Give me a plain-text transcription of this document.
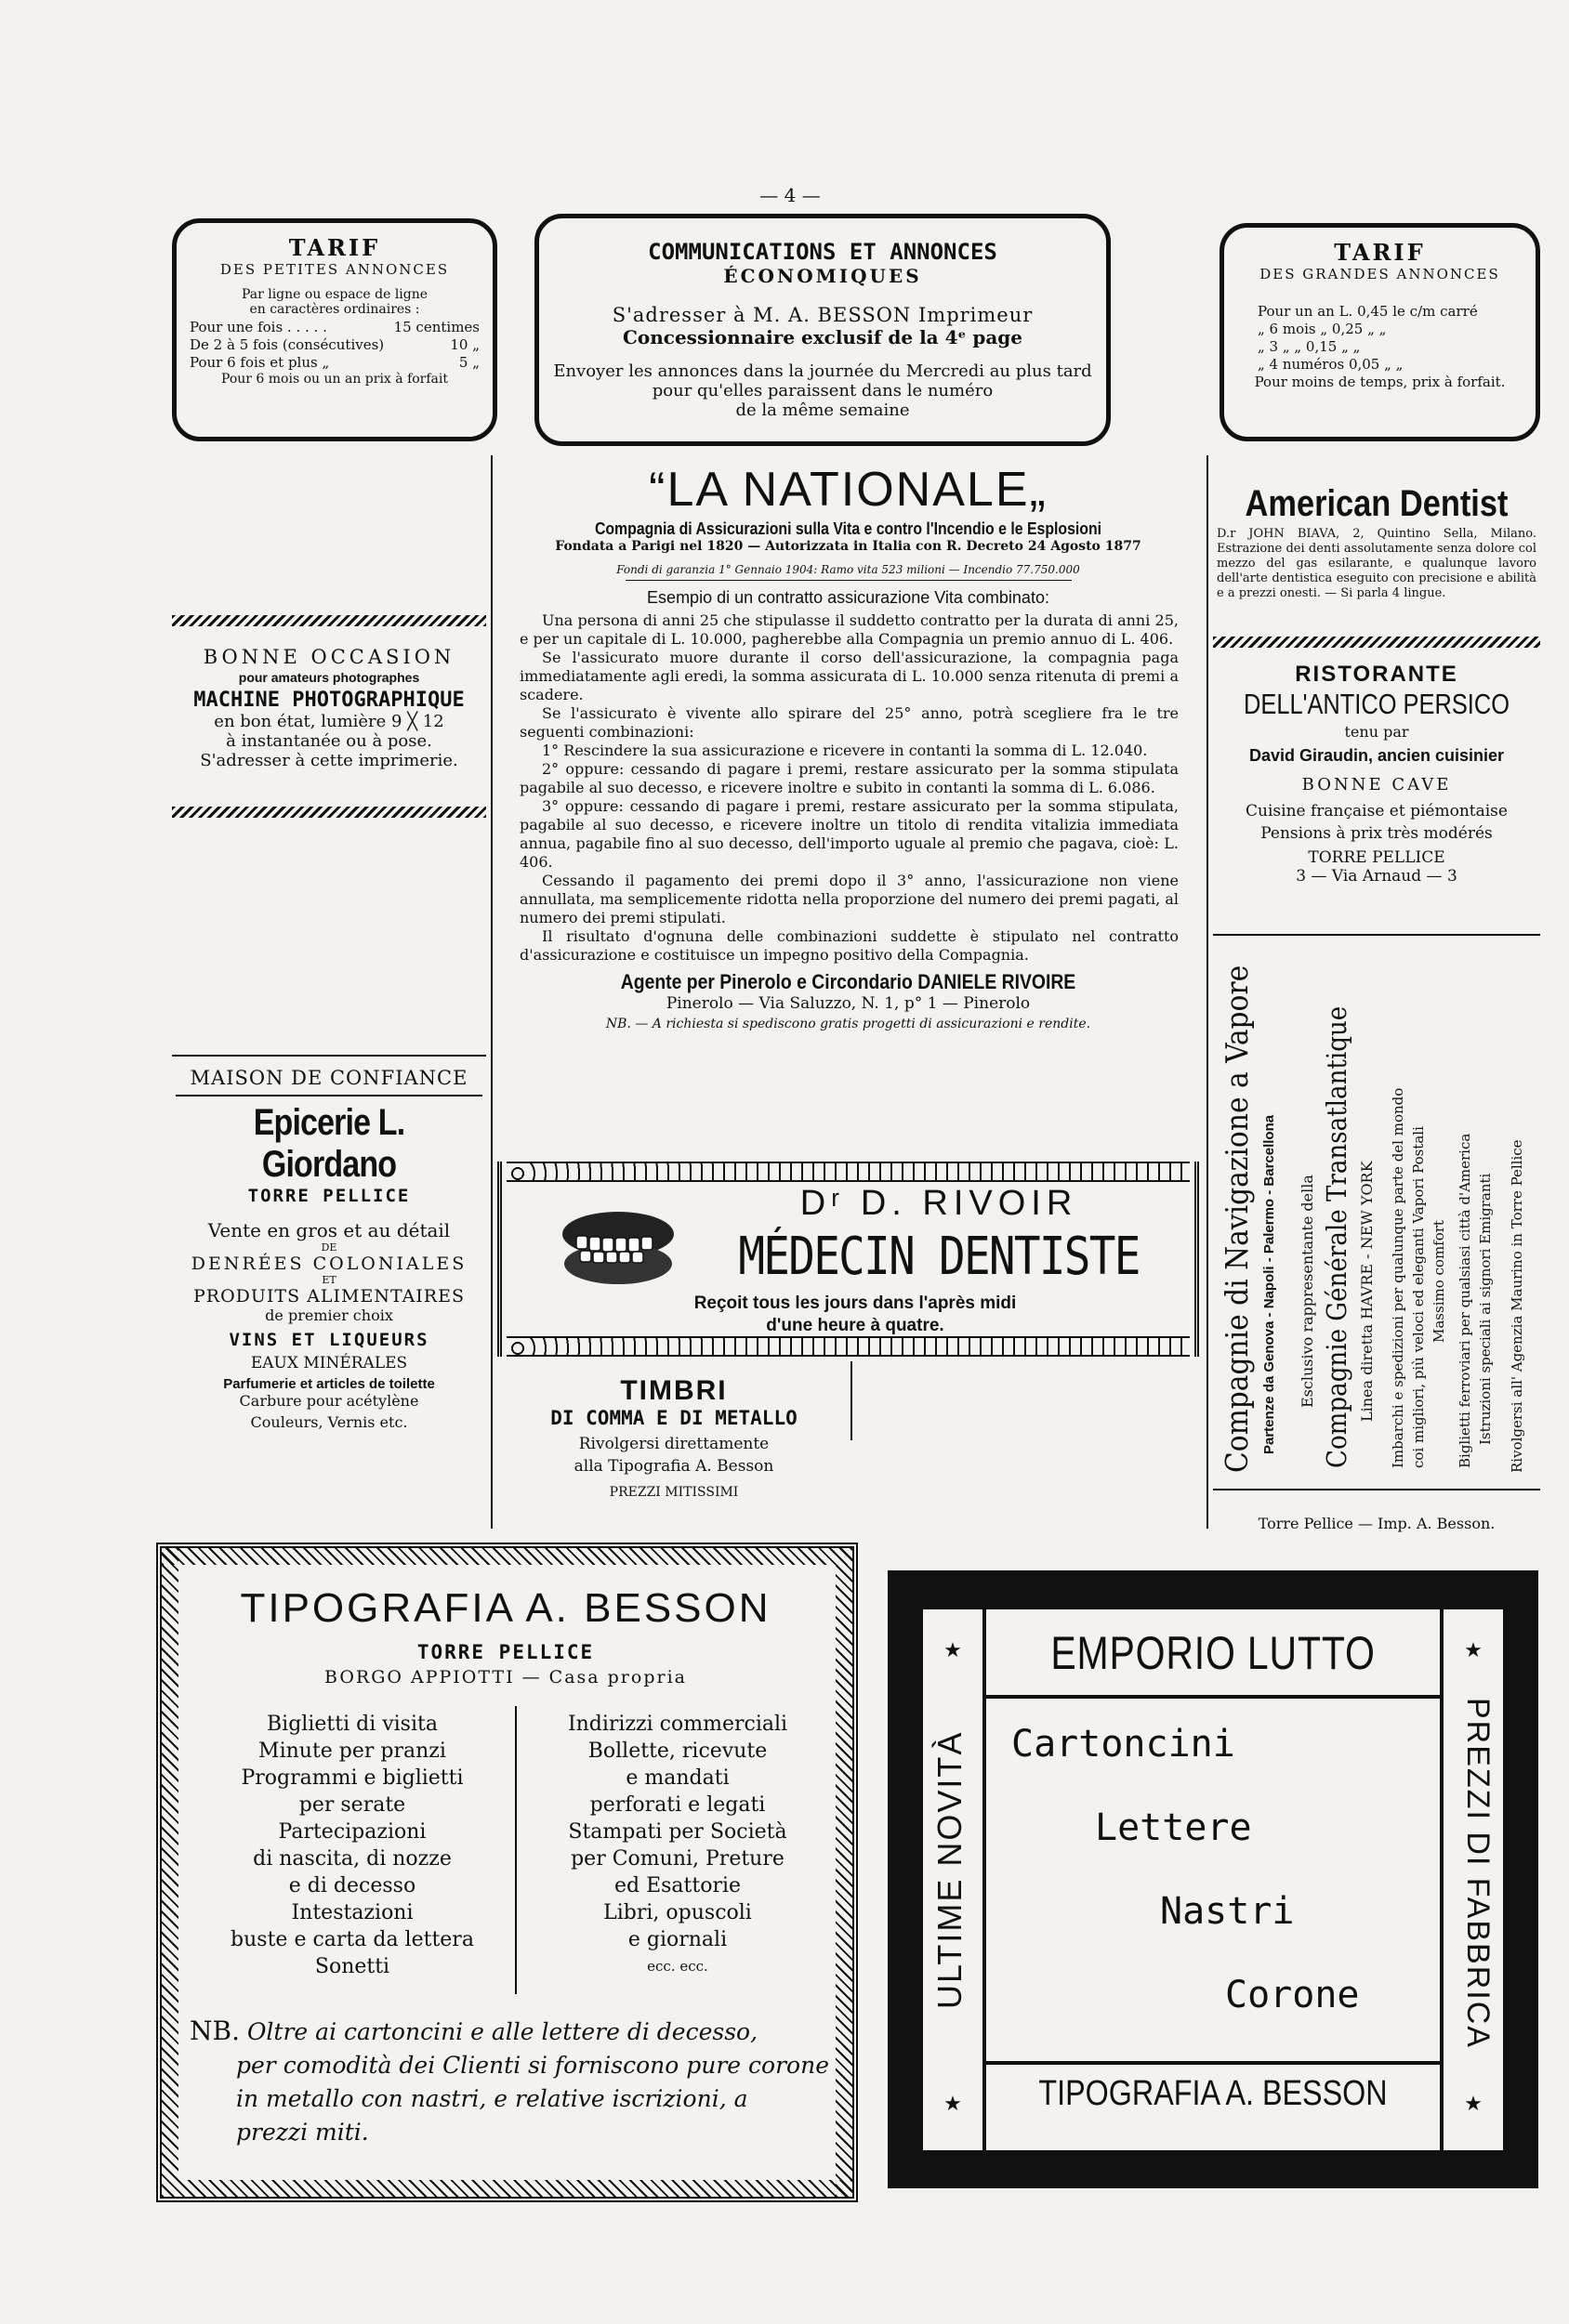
— 4 —
TARIF
DES PETITES ANNONCES
Par ligne ou espace de ligne
en caractères ordinaires :
Pour une fois . . . . .	15 centimes
De 2 à 5 fois (consécutives)	10 „
Pour 6 fois et plus „	5 „
Pour 6 mois ou un an prix à forfait
COMMUNICATIONS ET ANNONCES
ÉCONOMIQUES
S'adresser à M. A. BESSON Imprimeur
Concessionnaire exclusif de la 4ᵉ page
Envoyer les annonces dans la journée du Mercredi au plus tard
pour qu'elles paraissent dans le numéro
de la même semaine
TARIF
DES GRANDES ANNONCES
Pour un an L. 0,45 le c/m carré
„ 6 mois „ 0,25 „ „
„ 3 „ „ 0,15 „ „
„ 4 numéros 0,05 „ „
Pour moins de temps, prix à forfait.
BONNE OCCASION
pour amateurs photographes
MACHINE PHOTOGRAPHIQUE
en bon état, lumière 9 ╳ 12
à instantanée ou à pose.
S'adresser à cette imprimerie.
MAISON DE CONFIANCE
Epicerie L. Giordano
TORRE PELLICE
Vente en gros et au détail
DE
DENRÉES COLONIALES
ET
PRODUITS ALIMENTAIRES
de premier choix
VINS ET LIQUEURS
EAUX MINÉRALES
Parfumerie et articles de toilette
Carbure pour acétylène
Couleurs, Vernis etc.
“LA NATIONALE„
Compagnia di Assicurazioni sulla Vita e contro l'Incendio e le Esplosioni
Fondata a Parigi nel 1820 — Autorizzata in Italia con R. Decreto 24 Agosto 1877
Fondi di garanzia 1° Gennaio 1904: Ramo vita 523 milioni — Incendio 77.750.000
Esempio di un contratto assicurazione Vita combinato:
Una persona di anni 25 che stipulasse il suddetto contratto per la durata di anni 25, e per un capitale di L. 10.000, pagherebbe alla Compagnia un premio annuo di L. 406.
Se l'assicurato muore durante il corso dell'assicurazione, la compagnia paga immediatamente agli eredi, la somma assicurata di L. 10.000 senza ritenuta di premi a scadere.
Se l'assicurato è vivente allo spirare del 25° anno, potrà scegliere fra le tre seguenti combinazioni:
1° Rescindere la sua assicurazione e ricevere in contanti la somma di L. 12.040.
2° oppure: cessando di pagare i premi, restare assicurato per la somma stipulata pagabile al suo decesso, e ricevere inoltre e subito in contanti la somma di L. 6.086.
3° oppure: cessando di pagare i premi, restare assicurato per la somma stipulata, pagabile al suo decesso, e ricevere inoltre un titolo di rendita vitalizia immediata annua, pagabile fino al suo decesso, dell'importo uguale al premio che pagava, cioè: L. 406.
Cessando il pagamento dei premi dopo il 3° anno, l'assicurazione non viene annullata, ma semplicemente ridotta nella proporzione del numero dei premi pagati, al numero dei premi stipulati.
Il risultato d'ognuna delle combinazioni suddette è stipulato nel contratto d'assicurazione e costituisce un impegno positivo della Compagnia.
Agente per Pinerolo e Circondario DANIELE RIVOIRE
Pinerolo — Via Saluzzo, N. 1, p° 1 — Pinerolo
NB. — A richiesta si spediscono gratis progetti di assicurazioni e rendite.
Dʳ D. RIVOIR
MÉDECIN DENTISTE
Reçoit tous les jours dans l'après midi
d'une heure à quatre.
TIMBRI
DI COMMA E DI METALLO
Rivolgersi direttamente
alla Tipografia A. Besson
PREZZI MITISSIMI
American Dentist
D.r JOHN BIAVA, 2, Quintino Sella, Milano. Estrazione dei denti assolutamente senza dolore col mezzo del gas esilarante, e qualunque lavoro dell'arte dentistica eseguito con precisione e abilità e a prezzi onesti. — Si parla 4 lingue.
RISTORANTE
DELL'ANTICO PERSICO
tenu par
David Giraudin, ancien cuisinier
BONNE CAVE
Cuisine française et piémontaise
Pensions à prix très modérés
TORRE PELLICE
3 — Via Arnaud — 3
Compagnie di Navigazione a Vapore Partenze da Genova - Napoli - Palermo - Barcellona Esclusivo rappresentante della Compagnie Générale Transatlantique Linea diretta HAVRE - NEW YORK Imbarchi e spedizioni per qualunque parte del mondo coi migliori, più veloci ed eleganti Vapori Postali Massimo comfort Biglietti ferroviari per qualsiasi città d'America Istruzioni speciali ai signori Emigranti Rivolgersi all' Agenzia Maurino in Torre Pellice
Torre Pellice — Imp. A. Besson.
TIPOGRAFIA A. BESSON
TORRE PELLICE
BORGO APPIOTTI — Casa propria
Biglietti di visita
Minute per pranzi
Programmi e biglietti
per serate
Partecipazioni
di nascita, di nozze
e di decesso
Intestazioni
buste e carta da lettera
Sonetti
Indirizzi commerciali
Bollette, ricevute
e mandati
perforati e legati
Stampati per Società
per Comuni, Preture
ed Esattorie
Libri, opuscoli
e giornali
ecc. ecc.
NB. Oltre ai cartoncini e alle lettere di decesso,
per comodità dei Clienti si forniscono pure corone
in metallo con nastri, e relative iscrizioni, a
prezzi miti.
★	★
★	★
EMPORIO LUTTO
ULTIME NOVITÀ	PREZZI DI FABBRICA
Cartoncini
Lettere
Nastri
Corone
TIPOGRAFIA A. BESSON
